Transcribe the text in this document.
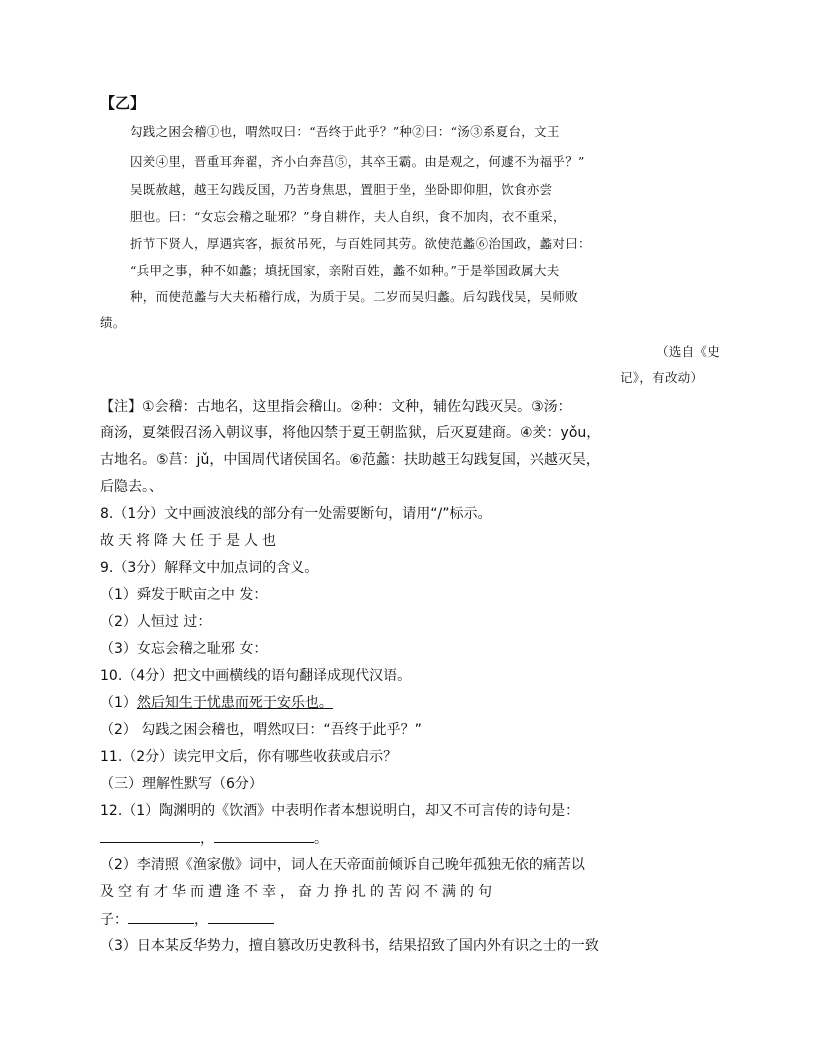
【乙】
勾践之困会稽①也，喟然叹曰：“吾终于此乎？”种②曰：“汤③系夏台，文王
囚羑④里，晋重耳奔翟，齐小白奔莒⑤，其卒王霸。由是观之，何遽不为福乎？”
吴既赦越，越王勾践反国，乃苦身焦思，置胆于坐，坐卧即仰胆，饮食亦尝
胆也。曰：“女忘会稽之耻邪？”身自耕作，夫人自织，食不加肉，衣不重采，
折节下贤人，厚遇宾客，振贫吊死，与百姓同其劳。欲使范蠡⑥治国政，蠡对曰：
“兵甲之事，种不如蠡；填抚国家，亲附百姓，蠡不如种。”于是举国政属大夫
种，而使范蠡与大夫柘稽行成，为质于吴。二岁而吴归蠡。后勾践伐吴，吴师败
绩。
（选自《史
记》，有改动）
【注】①会稽：古地名，这里指会稽山。②种：文种，辅佐勾践灭吴。③汤：
商汤，夏桀假召汤入朝议事，将他囚禁于夏王朝监狱，后灭夏建商。④羑：yǒu，
古地名。⑤莒：jǔ，中国周代诸侯国名。⑥范蠡：扶助越王勾践复国，兴越灭吴，
后隐去。、
8.（1分）文中画波浪线的部分有一处需要断句，请用“/”标示。
故天将降大任于是人也
9.（3分）解释文中加点词的含义。
（1）舜发于畎亩之中 发：
（2）人恒过 过：
（3）女忘会稽之耻邪 女：
10.（4分）把文中画横线的语句翻译成现代汉语。
（1）然后知生于忧患而死于安乐也。
（2） 勾践之困会稽也，喟然叹曰：“吾终于此乎？”
11.（2分）读完甲文后，你有哪些收获或启示？
（三）理解性默写（6分）
12.（1）陶渊明的《饮酒》中表明作者本想说明白，却又不可言传的诗句是：
，	。
（2）李清照《渔家傲》词中，词人在天帝面前倾诉自己晚年孤独无依的痛苦以
及空有才华而遭逢不幸，奋力挣扎的苦闷不满的句
子：	，
（3）日本某反华势力，擅自篡改历史教科书，结果招致了国内外有识之士的一致
